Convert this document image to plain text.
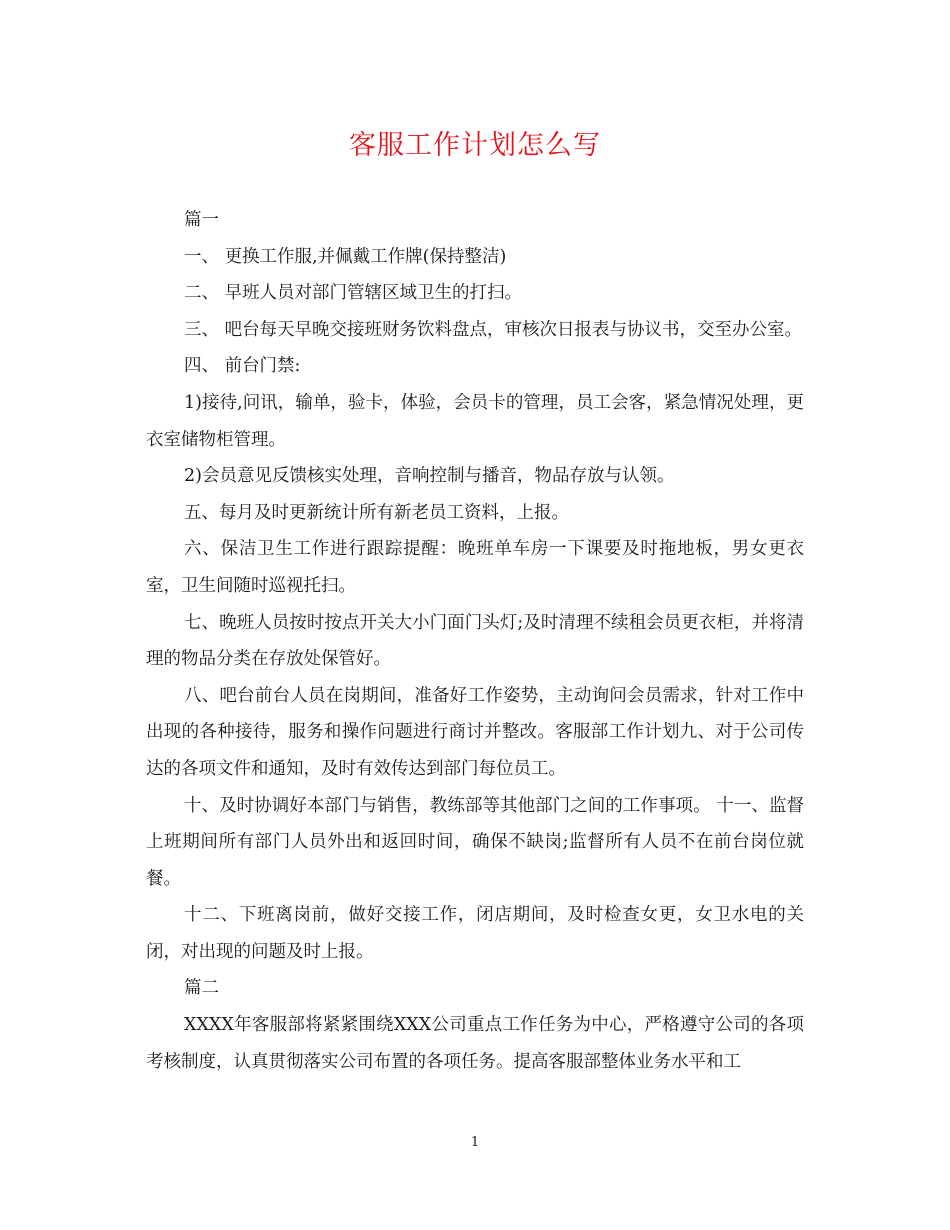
客服工作计划怎么写

篇一

一、 更换工作服,并佩戴工作牌(保持整洁)

二、 早班人员对部门管辖区域卫生的打扫。

三、 吧台每天早晚交接班财务饮料盘点，审核次日报表与协议书，交至办公室。

四、 前台门禁:

1)接待,问讯，输单，验卡，体验，会员卡的管理，员工会客，紧急情况处理，更衣室储物柜管理。

2)会员意见反馈核实处理，音响控制与播音，物品存放与认领。

五、每月及时更新统计所有新老员工资料，上报。

六、保洁卫生工作进行跟踪提醒：晚班单车房一下课要及时拖地板，男女更衣室，卫生间随时巡视托扫。

七、晚班人员按时按点开关大小门面门头灯;及时清理不续租会员更衣柜，并将清理的物品分类在存放处保管好。

八、吧台前台人员在岗期间，准备好工作姿势，主动询问会员需求，针对工作中出现的各种接待，服务和操作问题进行商讨并整改。客服部工作计划九、对于公司传达的各项文件和通知，及时有效传达到部门每位员工。

十、及时协调好本部门与销售，教练部等其他部门之间的工作事项。 十一、监督上班期间所有部门人员外出和返回时间，确保不缺岗;监督所有人员不在前台岗位就餐。

十二、下班离岗前，做好交接工作，闭店期间，及时检查女更，女卫水电的关闭，对出现的问题及时上报。

篇二

XXXX年客服部将紧紧围绕XXX公司重点工作任务为中心，严格遵守公司的各项考核制度，认真贯彻落实公司布置的各项任务。提高客服部整体业务水平和工

1
